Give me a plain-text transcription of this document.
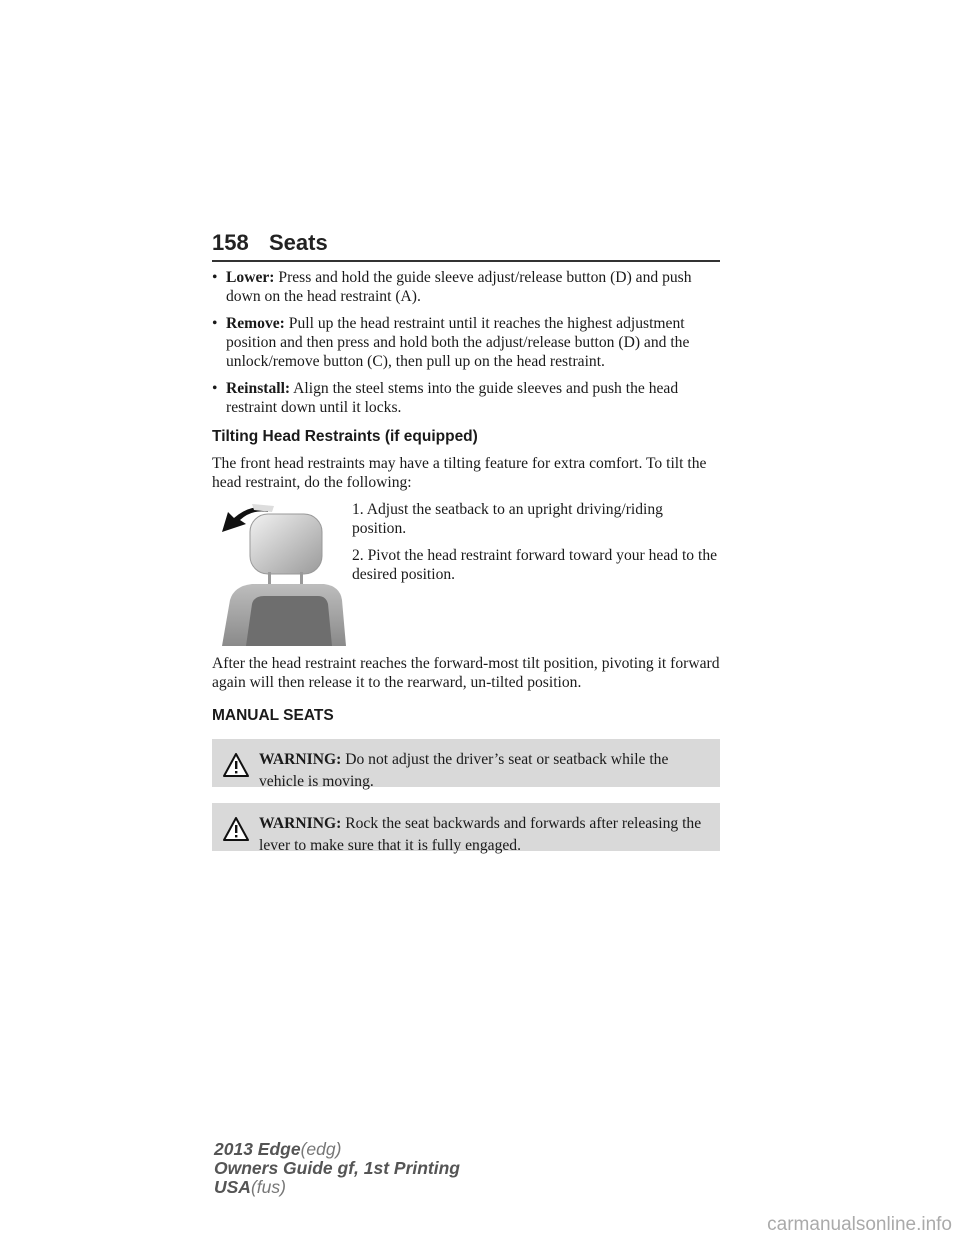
158 Seats
• Lower: Press and hold the guide sleeve adjust/release button (D) and push down on the head restraint (A).
• Remove: Pull up the head restraint until it reaches the highest adjustment position and then press and hold both the adjust/release button (D) and the unlock/remove button (C), then pull up on the head restraint.
• Reinstall: Align the steel stems into the guide sleeves and push the head restraint down until it locks.
Tilting Head Restraints (if equipped)

The front head restraints may have a tilting feature for extra comfort. To tilt the head restraint, do the following:

1. Adjust the seatback to an upright driving/riding position.

2. Pivot the head restraint forward toward your head to the desired position.

After the head restraint reaches the forward-most tilt position, pivoting it forward again will then release it to the rearward, un-tilted position.

MANUAL SEATS
WARNING: Do not adjust the driver’s seat or seatback while the vehicle is moving.
WARNING: Rock the seat backwards and forwards after releasing the lever to make sure that it is fully engaged.
2013 Edge(edg)
Owners Guide gf, 1st Printing
USA(fus)
carmanualsonline.info
